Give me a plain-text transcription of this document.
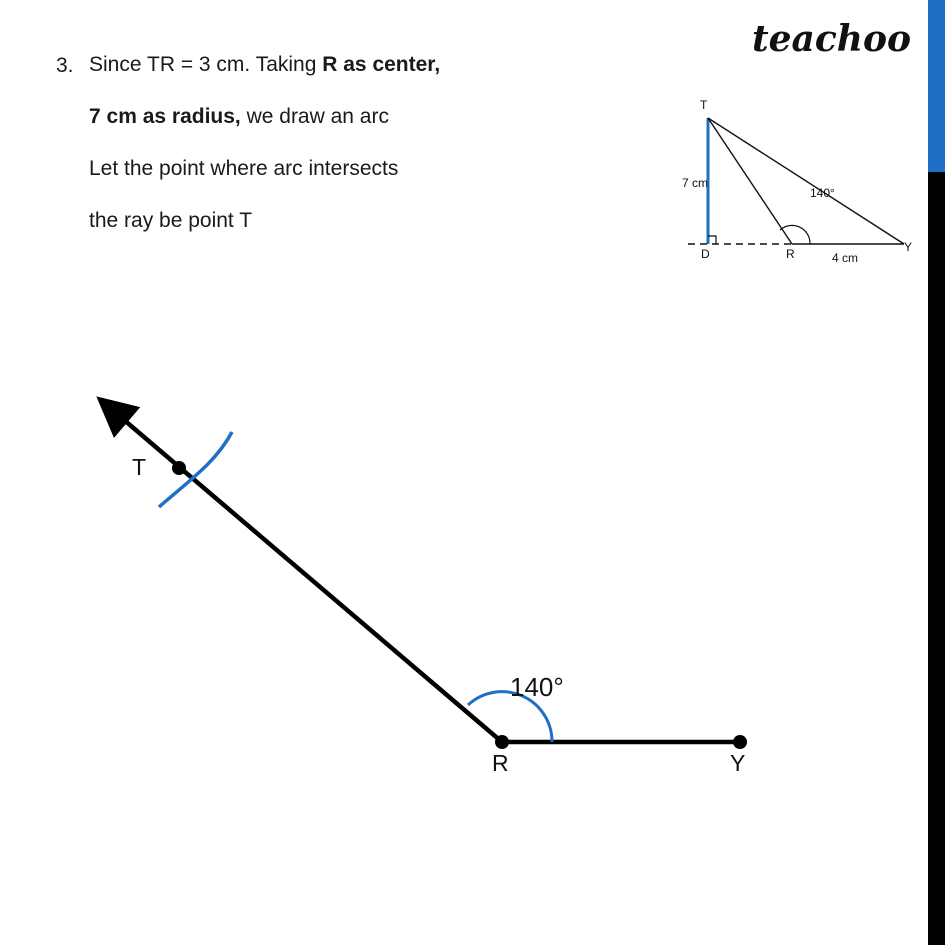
teachoo
3. Since TR = 3 cm. Taking R as center,
7 cm as radius, we draw an arc
Let the point where arc intersects
the ray be point T
T
D	R	Y
7 cm
4 cm
140°
T
R	Y
140°
